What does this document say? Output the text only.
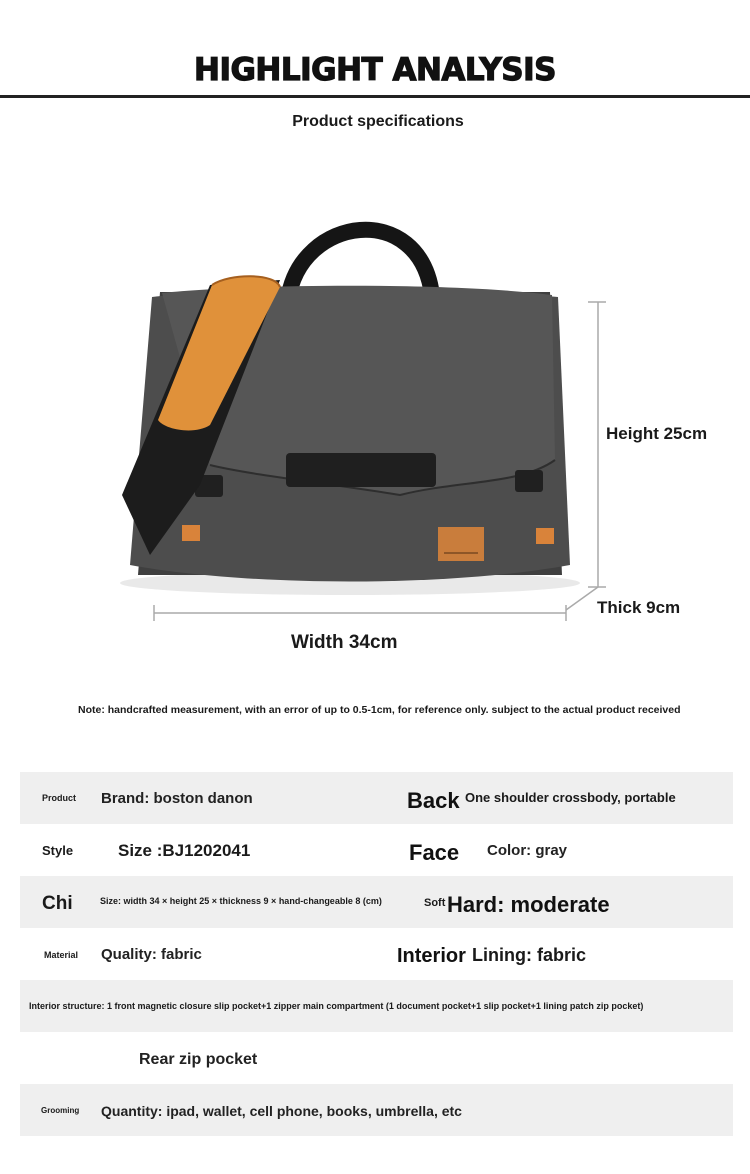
HIGHLIGHT ANALYSIS
Product specifications
Height 25cm
Thick 9cm
Width 34cm
Note: handcrafted measurement, with an error of up to 0.5-1cm, for reference only. subject to the actual product received
Product Brand: boston danon	Back One shoulder crossbody, portable
Style	Size :BJ1202041	Face Color: gray
Chi	Size: width 34 × height 25 × thickness 9 × hand-changeable 8 (cm)	Soft Hard: moderate
Material Quality: fabric	Interior Lining: fabric
Interior structure: 1 front magnetic closure slip pocket+1 zipper main compartment (1 document pocket+1 slip pocket+1 lining patch zip pocket)
Rear zip pocket
Grooming Quantity: ipad, wallet, cell phone, books, umbrella, etc
